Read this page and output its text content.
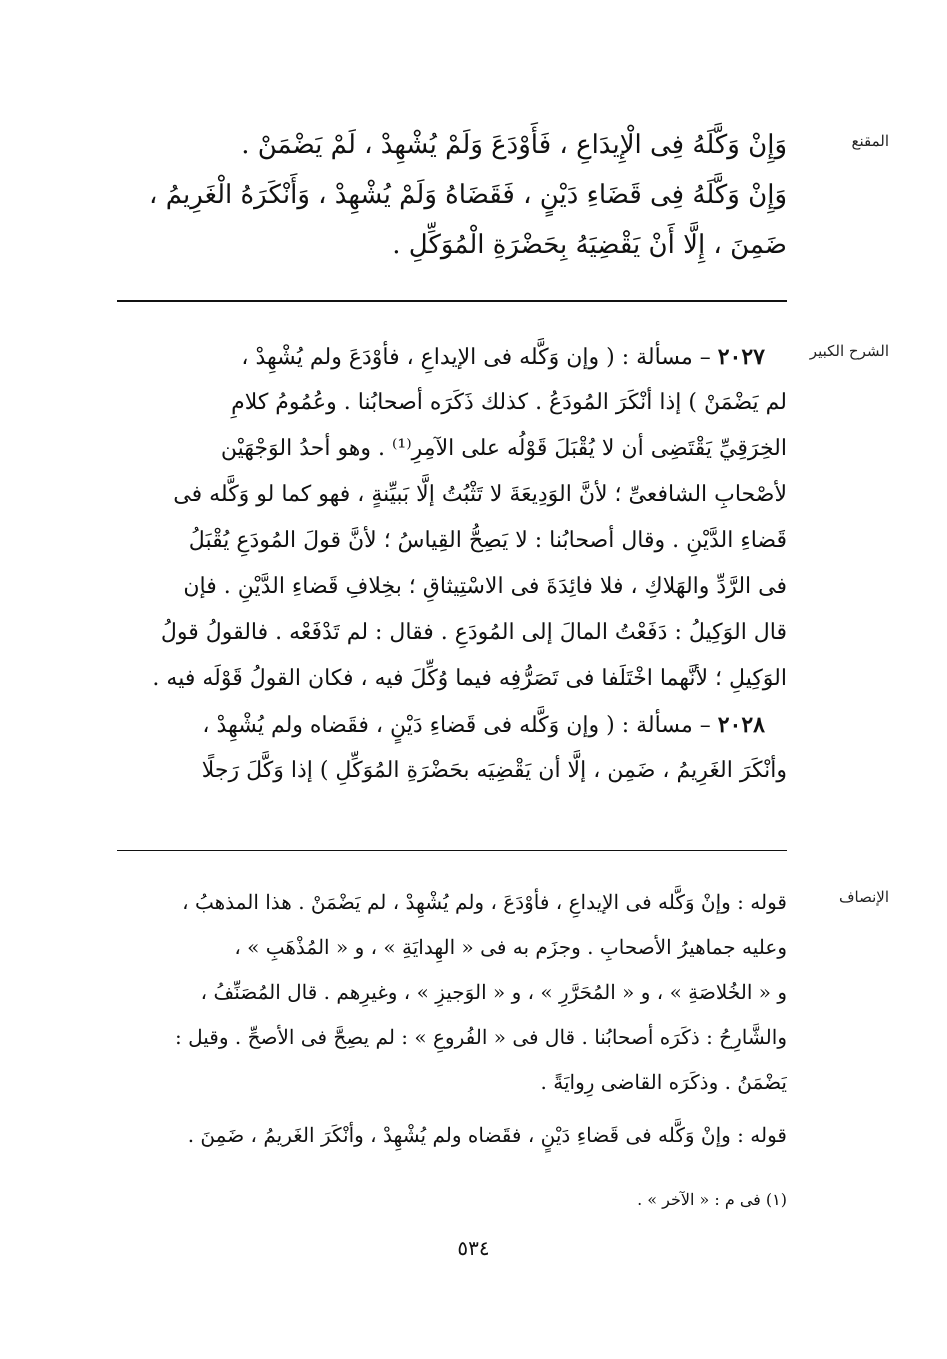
المقنع
وَإِنْ وَكَّلَهُ فِى الْإِيدَاعِ ، فَأَوْدَعَ وَلَمْ يُشْهِدْ ، لَمْ يَضْمَنْ .
وَإِنْ وَكَّلَهُ فِى قَضَاءِ دَيْنٍ ، فَقَضَاهُ وَلَمْ يُشْهِدْ ، وَأَنْكَرَهُ الْغَرِيمُ ،
ضَمِنَ ، إِلَّا أَنْ يَقْضِيَهُ بِحَضْرَةِ الْمُوَكِّلِ .
الشرح الكبير
 ٢٠٢٧ – مسألة : ( وإن وَكَّله فى الإيداعِ ، فأوْدَعَ ولم يُشْهِدْ ،
لم يَضْمَنْ ) إذا أنْكَرَ المُودَعُ . كذلك ذَكَرَه أصحابُنا . وعُمُومُ كلامِ
الخِرَقِيِّ يَقْتَضِى أن لا يُقْبَلَ قَوْلُه على الآمِرِ⁽¹⁾ . وهو أحدُ الوَجْهَيْن
لأصْحابِ الشافعىِّ ؛ لأنَّ الوَدِيعَةَ لا تَثْبُتُ إلَّا بَبيِّنةٍ ، فهو كما لو وَكَّله فى
قَضاءِ الدَّيْنِ . وقال أصحابُنا : لا يَصِحُّ القِياسُ ؛ لأنَّ قولَ المُودَعِ يُقْبَلُ
فى الرَّدِّ والهَلاكِ ، فلا فائِدَةَ فى الاسْتِيثاقِ ؛ بخِلافِ قَضاءِ الدَّيْنِ . فإن
قال الوَكِيلُ : دَفَعْتُ المالَ إلى المُودَعِ . فقال : لم تَدْفَعْه . فالقولُ قولُ
الوَكِيلِ ؛ لأنَّهما اخْتَلَفا فى تَصَرُّفِه فيما وُكِّلَ فيه ، فكان القولُ قَوْلَه فيه .
 ٢٠٢٨ – مسألة : ( وإن وَكَّله فى قَضاءِ دَيْنٍ ، فقَضاه ولم يُشْهِدْ ،
وأنْكَرَ الغَرِيمُ ، ضَمِن ، إلَّا أن يَقْضِيَه بحَضْرَةِ المُوَكِّلِ ) إذا وَكَّلَ رَجلًا
الإنصاف
قوله : وإنْ وَكَّله فى الإيداعِ ، فأوْدَعَ ، ولم يُشْهِدْ ، لم يَضْمَنْ . هذا المذهبُ ،
وعليه جماهيرُ الأصحابِ . وجزَم به فى « الهِدايَةِ » ، و « المُذْهَبِ » ،
و « الخُلاصَةِ » ، و « المُحَرَّرِ » ، و « الوَجيزِ » ، وغيرِهم . قال المُصَنِّفُ ،
والشَّارِحُ : ذكَرَه أصحابُنا . قال فى « الفُروعِ » : لم يصِحَّ فى الأصحِّ . وقيل :
يَضْمَنُ . وذكَرَه القاضى رِوايَةً .
قوله : وإنْ وَكَّله فى قَضاءِ دَيْنٍ ، فقَضاه ولم يُشْهِدْ ، وأنْكَرَ الغَريمُ ، ضَمِنَ .
(١) فى م : « الآخر » .
٥٣٤
